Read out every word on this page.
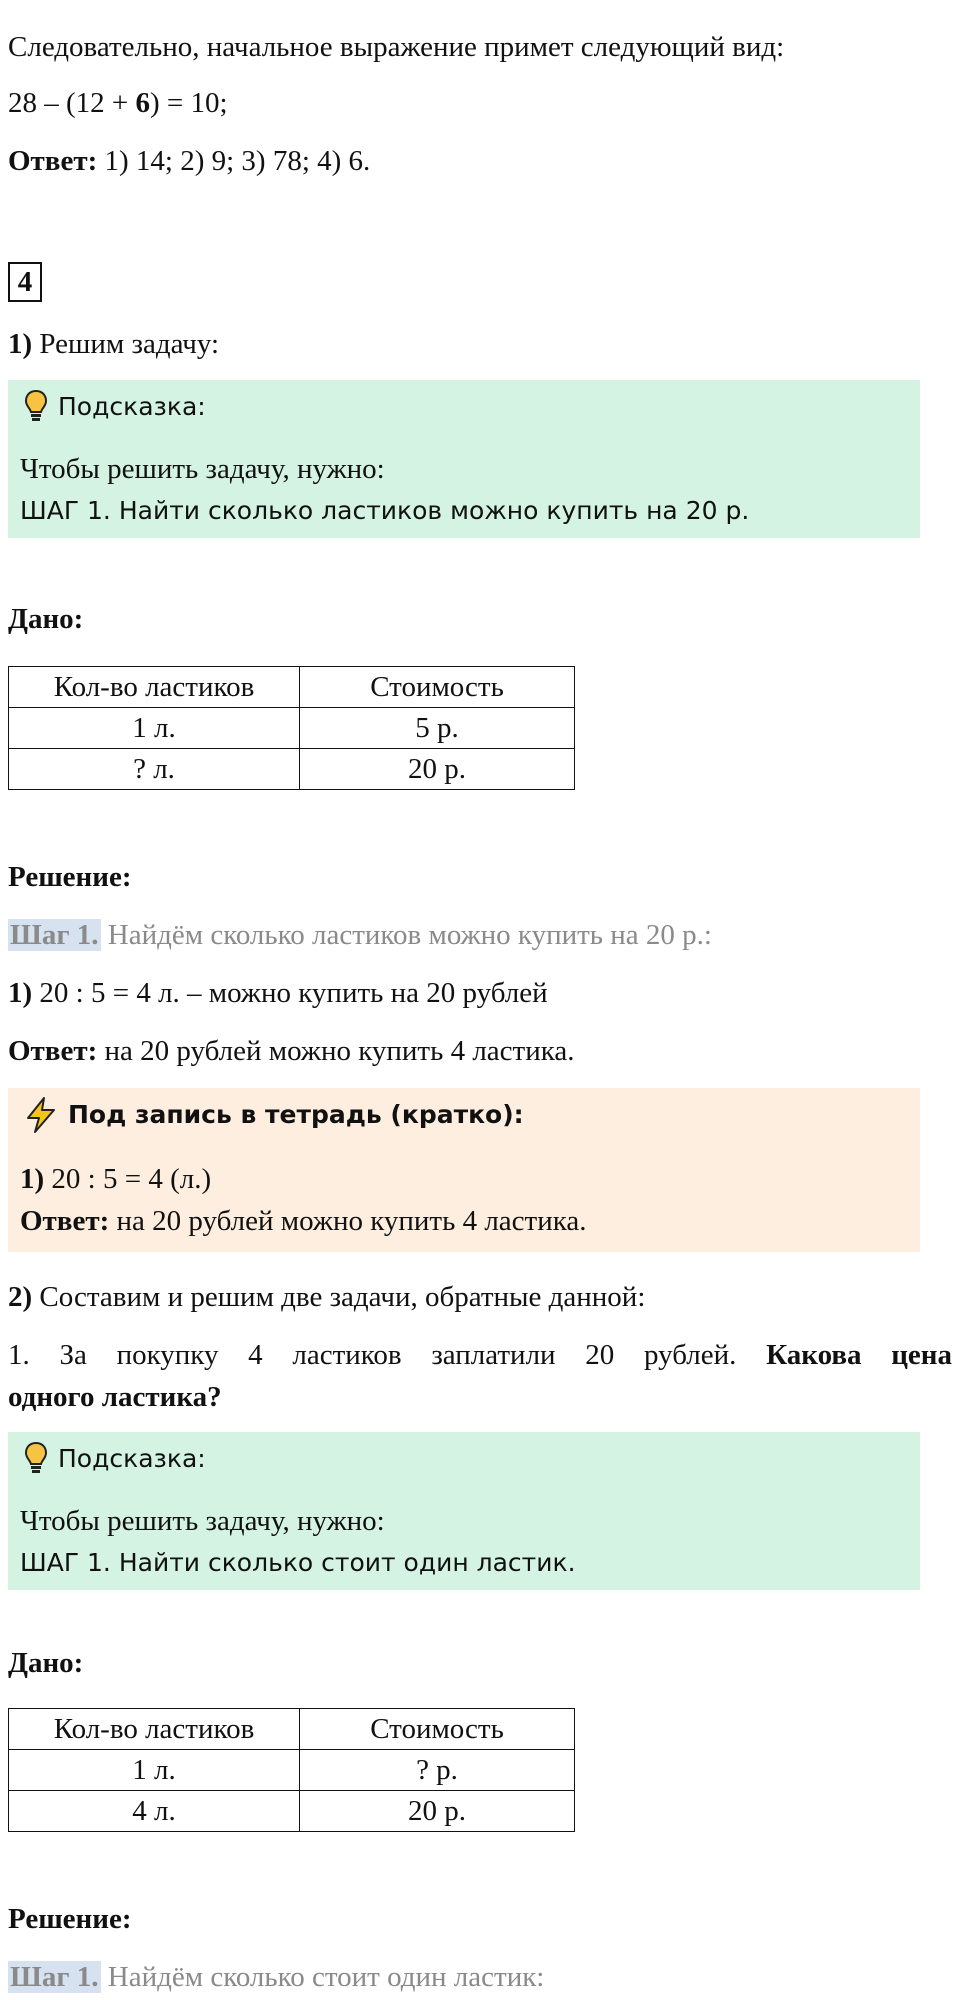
Следовательно, начальное выражение примет следующий вид:
28 – (12 + 6) = 10;
Ответ: 1) 14; 2) 9; 3) 78; 4) 6.
4
1) Решим задачу:
Подсказка:
Чтобы решить задачу, нужно:
ШАГ 1. Найти сколько ластиков можно купить на 20 р.
Дано:
Кол-во ластиков	Стоимость
1 л.	5 р.
? л.	20 р.
Решение:
Шаг 1. Найдём сколько ластиков можно купить на 20 р.:
1) 20 : 5 = 4 л. – можно купить на 20 рублей
Ответ: на 20 рублей можно купить 4 ластика.
Под запись в тетрадь (кратко):
1) 20 : 5 = 4 (л.)
Ответ: на 20 рублей можно купить 4 ластика.
2) Составим и решим две задачи, обратные данной:
1. За покупку 4 ластиков заплатили 20 рублей. Какова цена
одного ластика?
Подсказка:
Чтобы решить задачу, нужно:
ШАГ 1. Найти сколько стоит один ластик.
Дано:
Кол-во ластиков	Стоимость
1 л.	? р.
4 л.	20 р.
Решение:
Шаг 1. Найдём сколько стоит один ластик:
